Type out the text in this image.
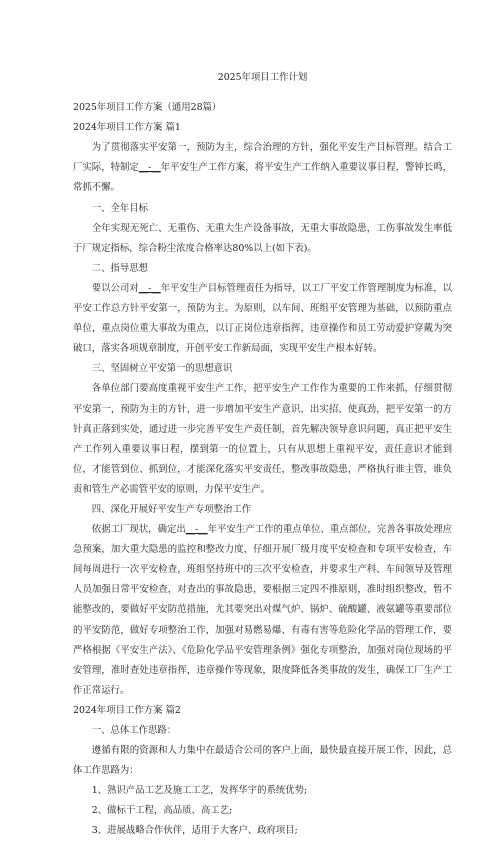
2025年项目工作计划

2025年项目工作方案（通用28篇）

2024年项目工作方案 篇1

为了贯彻落实平安第一，预防为主，综合治理的方针，强化平安生产目标管理。结合工厂实际，特制定__-__年平安生产工作方案，将平安生产工作纳入重要议事日程，警钟长鸣，常抓不懈。

一、全年目标

全年实现无死亡、无重伤、无重大生产设备事故，无重大事故隐患，工伤事故发生率低于厂规定指标，综合粉尘浓度合格率达80%以上(如下表)。

二、指导思想

要以公司对__-__年平安生产目标管理责任为指导，以工厂平安工作管理制度为标准，以平安工作总方针平安第一，预防为主。为原则，以车间、班组平安管理为基础，以预防重点单位，重点岗位重大事故为重点，以订正岗位违章指挥，违章操作和员工劳动爱护穿戴为突破口，落实各项规章制度，开创平安工作新局面，实现平安生产根本好转。

三、坚固树立平安第一的思想意识

各单位部门要高度重视平安生产工作，把平安生产工作作为重要的工作来抓，仔细贯彻平安第一，预防为主的方针，进一步增加平安生产意识，出实招、使真劲，把平安第一的方针真正落到实处，通过进一步完善平安生产责任制，首先解决领导意识问题，真正把平安生产工作列入重要议事日程，摆到第一的位置上，只有从思想上重视平安，责任意识才能到位，才能管到位、抓到位，才能深化落实平安责任，整改事故隐患，严格执行谁主管，谁负责和管生产必需管平安的原则，力保平安生产。

四、深化开展好平安生产专项整治工作

依据工厂现状，确定出__-__年平安生产工作的重点单位、重点部位，完善各事故处理应急预案，加大重大隐患的监控和整改力度，仔细开展厂级月度平安检查和专项平安检查，车间每周进行一次平安检查，班组坚持班中的三次平安检查，并要求生产科、车间领导及管理人员加强日常平安检查，对查出的事故隐患，要根据三定四不推原则，准时组织整改，暂不能整改的，要做好平安防范措施，尤其要突出对煤气炉、锅炉、硫酸罐、液氨罐等重要部位的平安防范，做好专项整治工作，加强对易燃易爆、有毒有害等危险化学品的管理工作，要严格根据《平安生产法》、《危险化学品平安管理条例》强化专项整治，加强对岗位现场的平安管理，准时查处违章指挥，违章操作等现象，限度降低各类事故的发生，确保工厂生产工作正常运行。

2024年项目工作方案 篇2

一、总体工作思路：

遵循有限的资源和人力集中在最适合公司的客户上面，最快最直接开展工作，因此，总体工作思路为：

1、熟识产品工艺及施工工艺，发挥华宇的系统优势;

2、做标干工程，高品质、高工艺;

3、进展战略合作伙伴，适用于大客户、政府项目;
